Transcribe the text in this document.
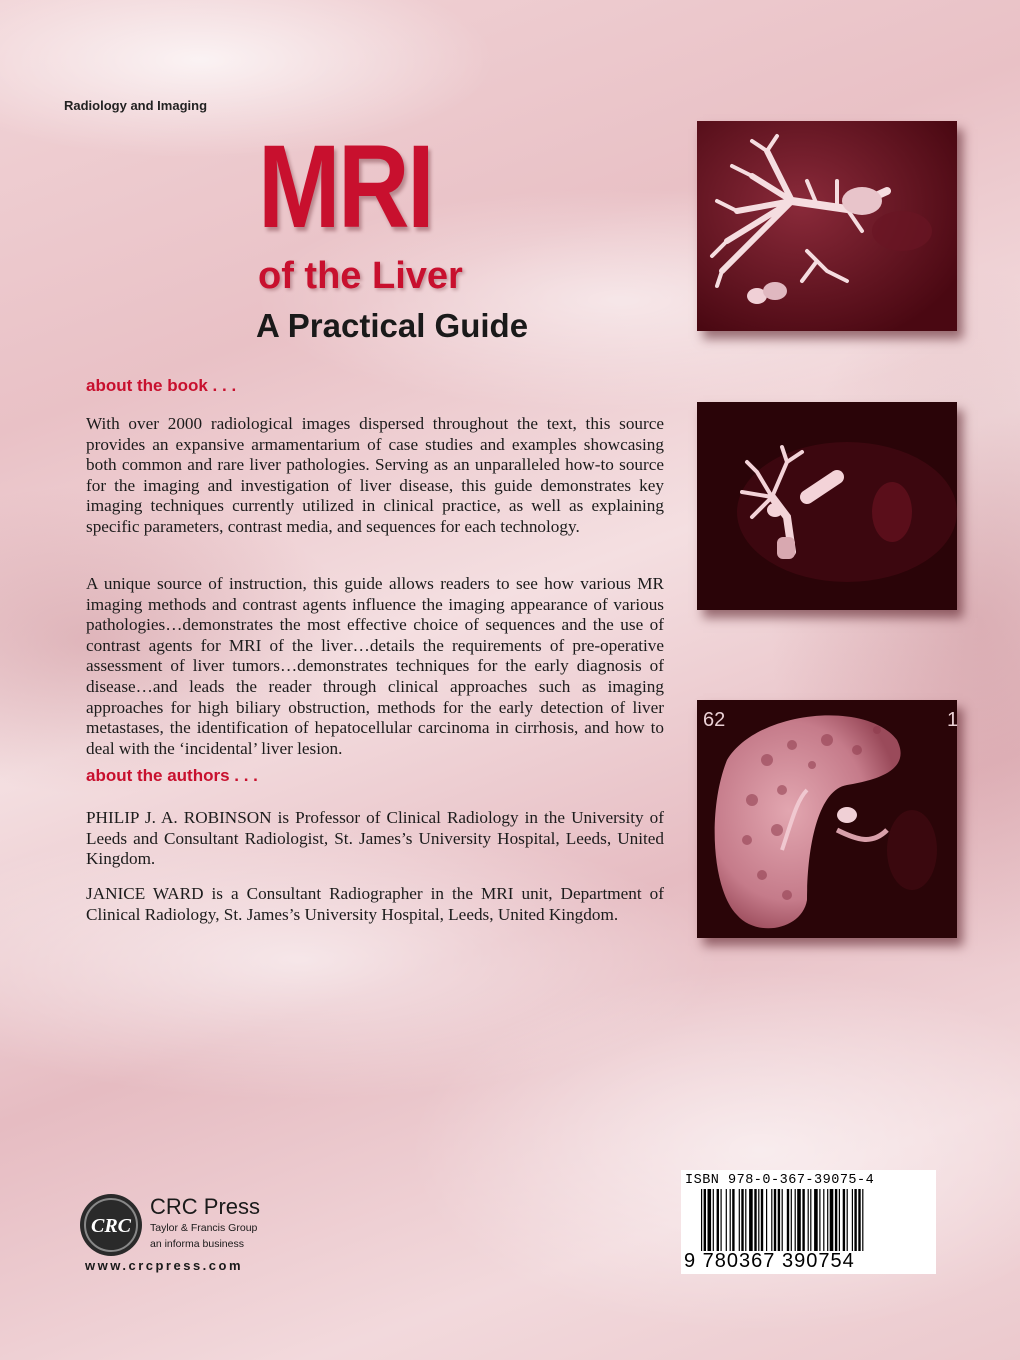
Radiology and Imaging
MRI
of the Liver
A Practical Guide
about the book . . .
With over 2000 radiological images dispersed throughout the text, this source provides an expansive armamentarium of case studies and examples showcasing both common and rare liver pathologies. Serving as an unparalleled how-to source for the imaging and investigation of liver disease, this guide demonstrates key imaging techniques currently utilized in clinical practice, as well as explaining specific parameters, contrast media, and sequences for each technology.
A unique source of instruction, this guide allows readers to see how various MR imaging methods and contrast agents influence the imaging appearance of various pathologies…demonstrates the most effective choice of sequences and the use of contrast agents for MRI of the liver…details the requirements of pre-operative assessment of liver tumors…demonstrates techniques for the early diagnosis of disease…and leads the reader through clinical approaches such as imaging approaches for high biliary obstruction, methods for the early detection of liver metastases, the identification of hepatocellular carcinoma in cirrhosis, and how to deal with the ‘incidental’ liver lesion.
about the authors . . .
PHILIP J. A. ROBINSON is Professor of Clinical Radiology in the University of Leeds and Consultant Radiologist, St. James’s University Hospital, Leeds, United Kingdom.
JANICE WARD is a Consultant Radiographer in the MRI unit, Department of Clinical Radiology, St. James’s University Hospital, Leeds, United Kingdom.
62	1
CRC
CRC Press
Taylor & Francis Group
an informa business
www.crcpress.com
ISBN 978-0-367-39075-4
9 780367 390754
